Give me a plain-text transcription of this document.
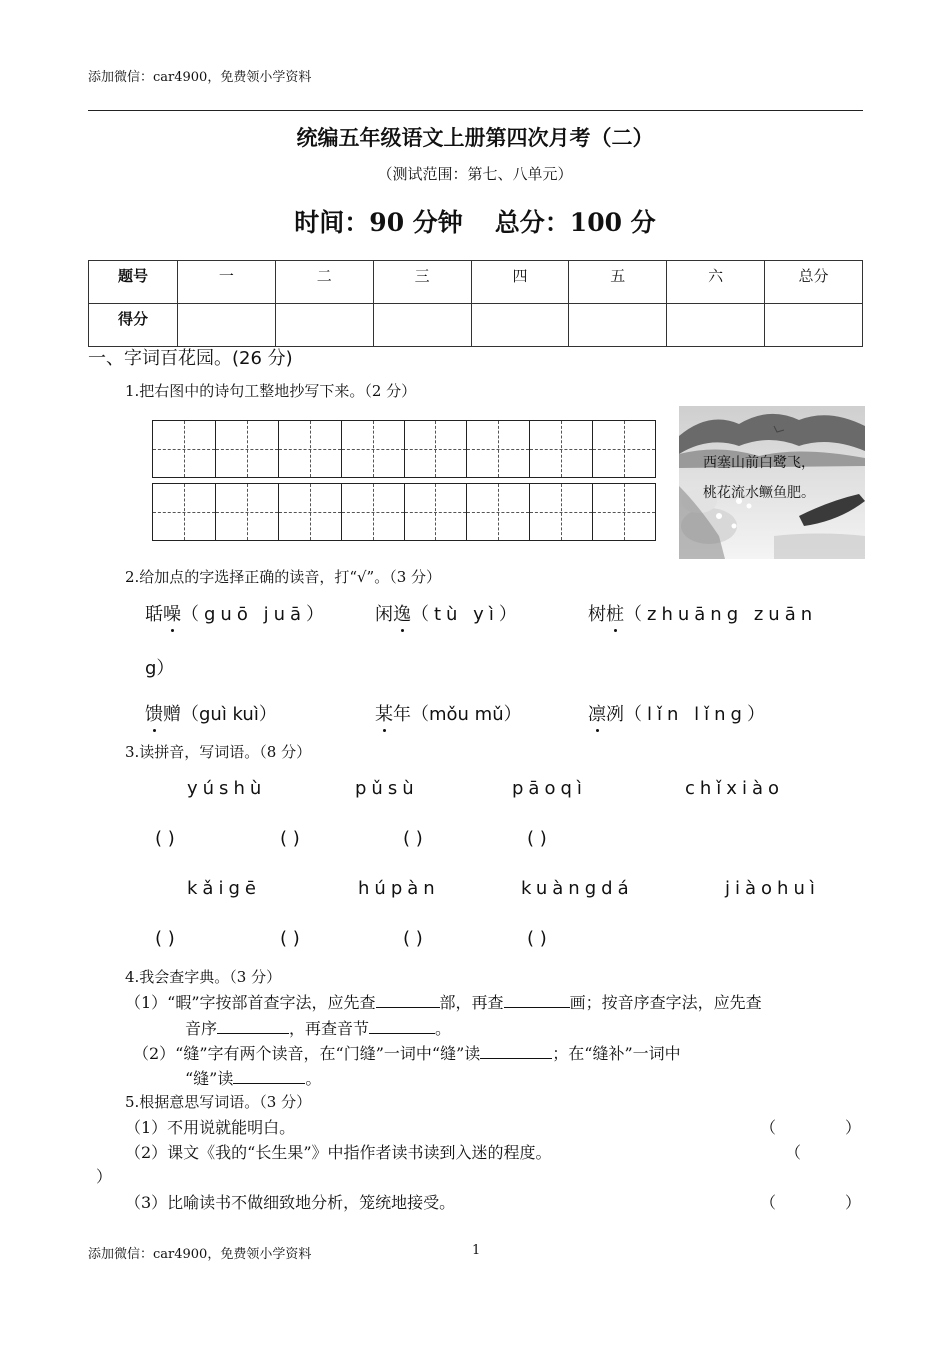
添加微信：car4900，免费领小学资料
统编五年级语文上册第四次月考（二）
（测试范围：第七、八单元）
时间：90 分钟 总分：100 分
题号	一	二	三	四	五	六	总分
得分							
一、字词百花园。(26 分)
1.把右图中的诗句工整地抄写下来。（2 分）
西塞山前白鹭飞，
桃花流水鳜鱼肥。
2.给加点的字选择正确的读音，打“√”。（3 分）
聒噪（guō juā）	闲逸（tù yì）	树桩（zhuāng zuān
g）
馈赠（guì kuì）	某年（mǒu mǔ）	凛冽（lǐn lǐng）
3.读拼音，写词语。（8 分）
yúshù	pǔsù	pāoqì	chǐxiào
( )	( )	( )	( )
kǎigē	húpàn	kuàngdá	jiàohuì
( )	( )	( )	( )
4.我会查字典。（3 分）
（1）“暇”字按部首查字法，应先查	部，再查	画；按音序查字法，应先查
音序	，再查音节	。
（2）“缝”字有两个读音，在“门缝”一词中“缝”读	；在“缝补”一词中
“缝”读	。
5.根据意思写词语。（3 分）
（1）不用说就能明白。	（	）
（2）课文《我的“长生果”》中指作者读书读到入迷的程度。	（
）
（3）比喻读书不做细致地分析，笼统地接受。	（	）
添加微信：car4900，免费领小学资料	1
